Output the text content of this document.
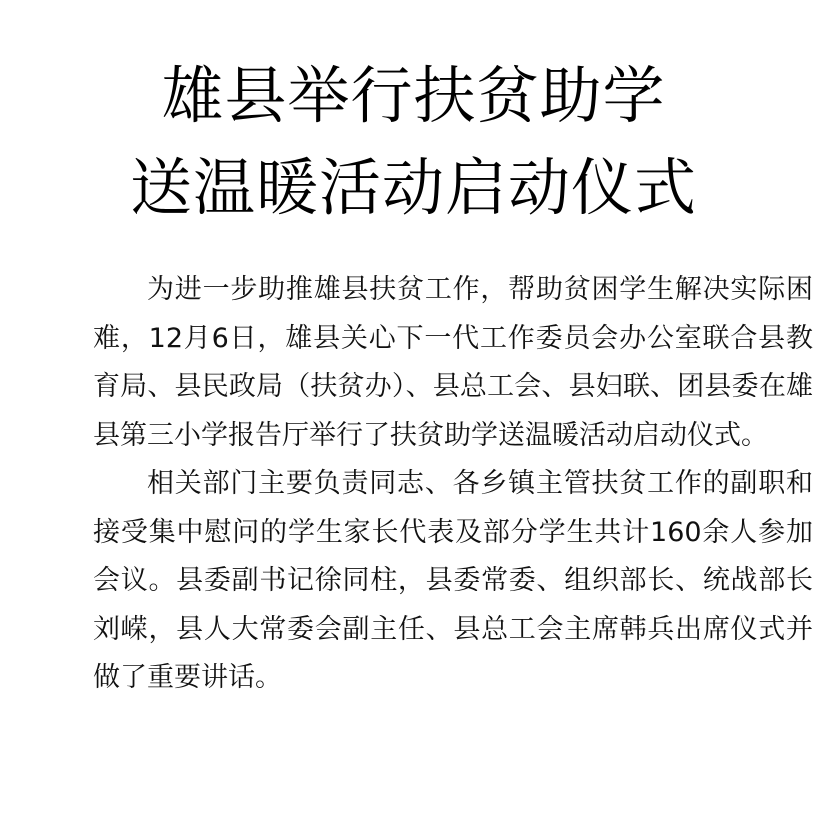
雄县举行扶贫助学
送温暖活动启动仪式

为进一步助推雄县扶贫工作，帮助贫困学生解决实际困难，12月6日，雄县关心下一代工作委员会办公室联合县教育局、县民政局（扶贫办）、县总工会、县妇联、团县委在雄县第三小学报告厅举行了扶贫助学送温暖活动启动仪式。

相关部门主要负责同志、各乡镇主管扶贫工作的副职和接受集中慰问的学生家长代表及部分学生共计160余人参加会议。县委副书记徐同柱，县委常委、组织部长、统战部长刘嵘，县人大常委会副主任、县总工会主席韩兵出席仪式并做了重要讲话。
